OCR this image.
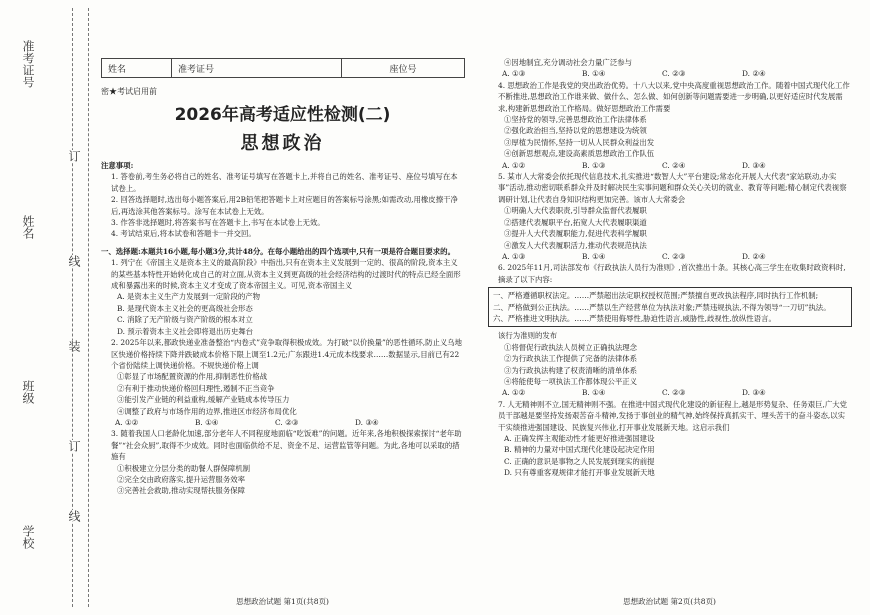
准考证号
姓名
班级
学校
订
线
装
订
线
姓名	准考证号	座位号
密★考试启用前
2026年高考适应性检测(二)
思想政治

注意事项:

1. 答卷前,考生务必将自己的姓名、准考证号填写在答题卡上,并将自己的姓名、准考证号、座位号填写在本试卷上。

2. 回答选择题时,选出每小题答案后,用2B铅笔把答题卡上对应题目的答案标号涂黑;如需改动,用橡皮擦干净后,再选涂其他答案标号。涂写在本试卷上无效。

3. 作答非选择题时,将答案书写在答题卡上,书写在本试卷上无效。

4. 考试结束后,将本试卷和答题卡一并交回。

一、选择题:本题共16小题,每小题3分,共计48分。在每小题给出的四个选项中,只有一项是符合题目要求的。

1. 列宁在《帝国主义是资本主义的最高阶段》中指出,只有在资本主义发展到一定的、很高的阶段,资本主义的某些基本特性开始转化成自己的对立面,从资本主义到更高级的社会经济结构的过渡时代的特点已经全面形成和暴露出来的时候,资本主义才变成了资本帝国主义。可见,资本帝国主义

A. 是资本主义生产力发展到一定阶段的产物

B. 是现代资本主义社会的更高级社会形态

C. 消除了无产阶级与资产阶级的根本对立

D. 预示着资本主义社会即将退出历史舞台

2. 2025年以来,都政快递业准备整治“内卷式”竞争取得积极成效。为打破“以价换量”的恶性循环,防止义乌地区快递价格持续下降并跌破成本价格下限上调至1.2元;广东跟进1.4元成本线要求……数据显示,目前已有22个省份陆续上调快递价格。不规快递价格上调

①彰显了市场配置资源的作用,抑制恶性价格战

②有利于推动快递价格回归理性,遏制不正当竞争

③能引发产业链的利益重构,缓解产业链成本传导压力

④调整了政府与市场作用的边界,推进区市经济布局优化

A. ①②	B. ①④	C. ②③	D. ③④

3. 随着我国人口老龄化加速,部分老年人不同程度地面临“吃饭难”的问题。近年来,各地积极探索探讨“老年助餐”“社会众厨”,取得不少成效。同时也面临供给不足、资金不足、运营监管等问题。为此,各地可以采取的措施有

①积极建立分层分类的助餐人群保障机制

②完全交由政府落实,提升运营服务效率

③完善社会救助,推动实现帮扶服务保障

思想政治试题 第1页(共8页)

④因地制宜,充分调动社会力量广泛参与

A. ①③	B. ①④	C. ②③	D. ②④

4. 思想政治工作是我党的突出政治优势。十八大以来,党中央高度重视思想政治工作。随着中国式现代化工作不断推进,思想政治工作谁来做、做什么、怎么做、如何创新等问题需要进一步明确,以更好适应时代发展需求,构建新思想政治工作格局。做好思想政治工作需要

①坚持党的领导,完善思想政治工作法律体系

②强化政治担当,坚持以党的思想建设为统领

③厚植为民情怀,坚持一切从人民群众利益出发

④创新思想观点,建设高素质思想政治工作队伍

A. ①②	B. ①③	C. ②④	D. ③④

5. 某市人大常委会依托现代信息技术,扎实推进“数智人大”平台建设;常态化开展人大代表“家站联动,办实事”活动,推动密切联系群众并及时解决民生实事问题和群众关心关切的就业、教育等问题;精心制定代表视察调研计划,让代表自身知识结构更加完善。该市人大常委会

①明确人大代表职责,引导群众监督代表履职

②搭建代表履职平台,拓宽人大代表履职渠道

③提升人大代表履职能力,促进代表科学履职

④激发人大代表履职活力,推动代表规范执法

A. ①③	B. ①④	C. ②③	D. ②④

6. 2025年11月,司法部发布《行政执法人员行为准则》,首次推出十条。其核心高三学生在收集时政资料时,摘录了以下内容:

一、严格遵循职权法定。……严禁超出法定职权授权范围;严禁擅自更改执法程序,同时执行工作机制;

二、严格做到公正执法。……严禁以生产经营单位为执法对象;严禁违规执法,不得为领导“一刀切”执法。

六、严格推进文明执法。……严禁使用侮辱性,胁迫性语言,威胁性,歧视性,放纵性语言。

该行为准则的发布

①将督促行政执法人员树立正确执法理念

②为行政执法工作提供了完备的法律体系

③为行政执法构建了权责清晰的清单体系

④将能使每一项执法工作都体现公平正义

A. ①②	B. ①④	C. ②③	D. ③④

7. 人无精神则不立,国无精神则不强。在推进中国式现代化建设的新征程上,越是形势复杂、任务艰巨,广大党员干部越是要坚持发扬艰苦奋斗精神,发扬于事创业的精气神,始终保持真抓实干、埋头苦干的奋斗姿态,以实干实绩推进强国建设、民族复兴伟业,打开事业发展新天地。这启示我们

A. 正确发挥主观能动性才能更好推进强国建设

B. 精神的力量对中国式现代化建设起决定作用

C. 正确的意识是事物之人民发展到现实的前提

D. 只有尊重客观规律才能打开事业发展新天地

思想政治试题 第2页(共8页)
